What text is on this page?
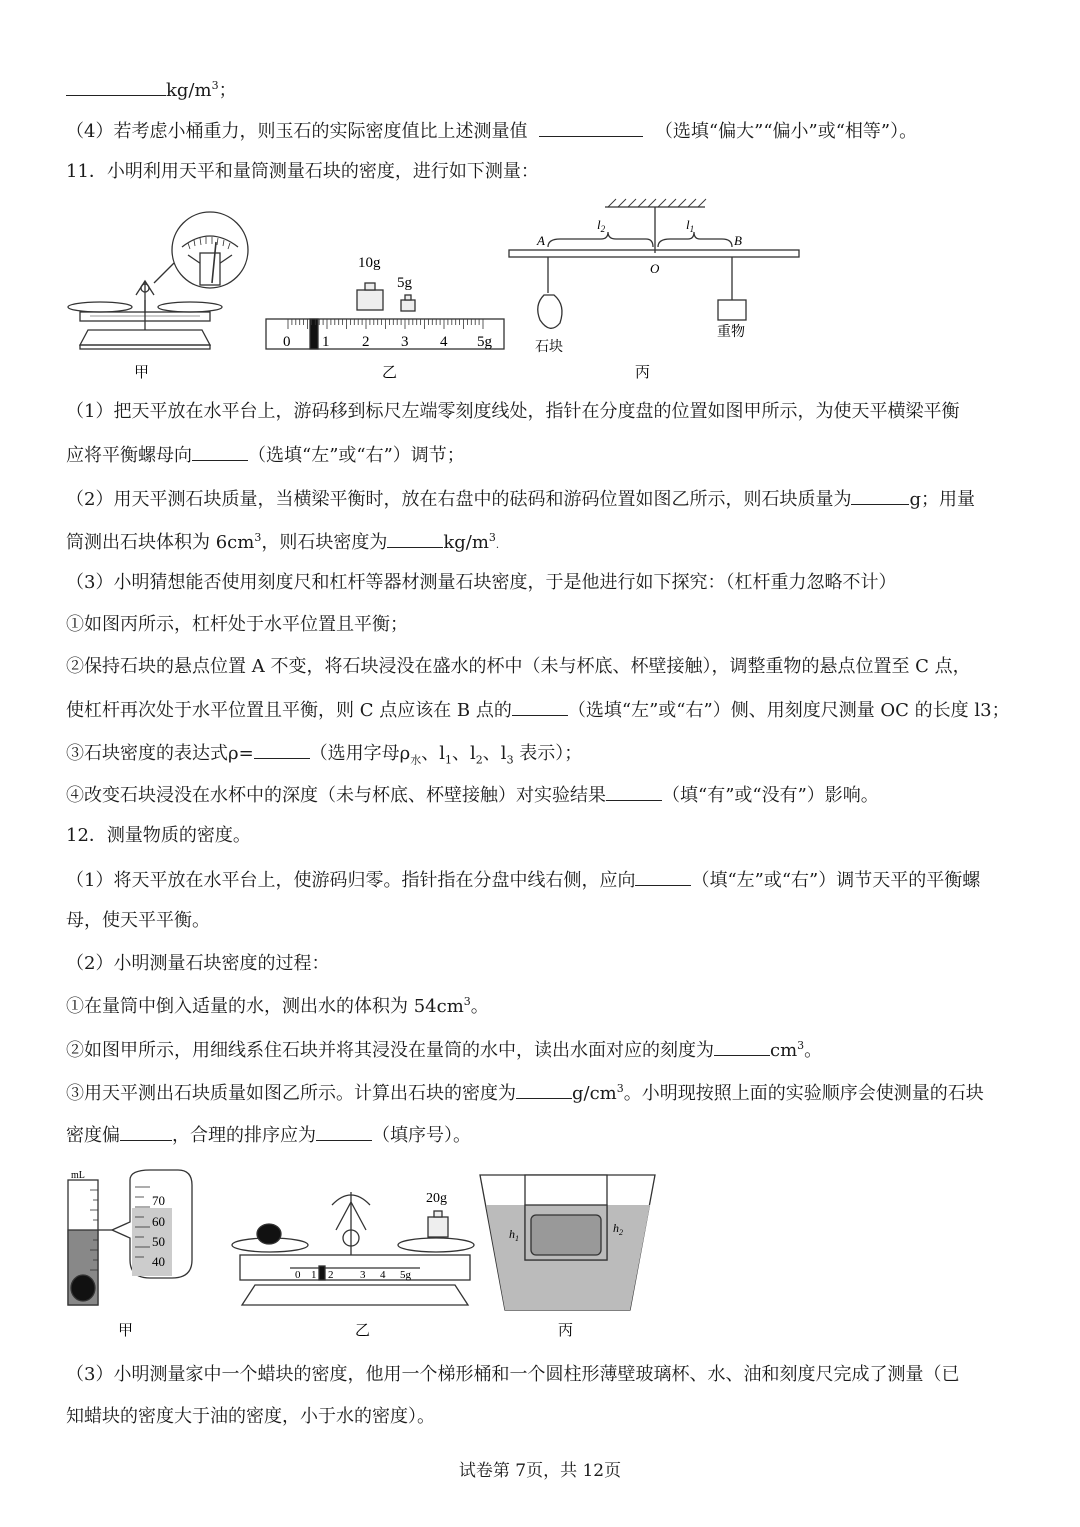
$kg/m^3$；
（4）若考虑小桶重力，则玉石的实际密度值比上述测量值	（选填“偏大”“偏小”或“相等”）。
11．小明利用天平和量筒测量石块的密度，进行如下测量：
甲
10g
5g
0 1 2 3 4 5g
乙
A	B
O
$l_2$	$l_1$
石块
重物
丙
（1）把天平放在水平台上，游码移到标尺左端零刻度线处，指针在分度盘的位置如图甲所示，为使天平横梁平衡
应将平衡螺母向	（选填“左”或“右”）调节；
（2）用天平测石块质量，当横梁平衡时，放在右盘中的砝码和游码位置如图乙所示，则石块质量为	g；用量
筒测出石块体积为 $6cm^3$，则石块密度为	$kg/m^3$.
（3）小明猜想能否使用刻度尺和杠杆等器材测量石块密度，于是他进行如下探究：（杠杆重力忽略不计）
①如图丙所示，杠杆处于水平位置且平衡；
②保持石块的悬点位置 A 不变，将石块浸没在盛水的杯中（未与杯底、杯壁接触），调整重物的悬点位置至 C 点，
使杠杆再次处于水平位置且平衡，则 C 点应该在 B 点的	（选填“左”或“右”）侧、用刻度尺测量 OC 的长度 l3；
③石块密度的表达式ρ=	（选用字母$\rho_水$、$l_1$、$l_2$、$l_3$ 表示）；
④改变石块浸没在水杯中的深度（未与杯底、杯壁接触）对实验结果	（填“有”或“没有”）影响。
12．测量物质的密度。
（1）将天平放在水平台上，使游码归零。指针指在分盘中线右侧，应向	（填“左”或“右”）调节天平的平衡螺
母，使天平平衡。
（2）小明测量石块密度的过程：
①在量筒中倒入适量的水，测出水的体积为 $54cm^3$。
②如图甲所示，用细线系住石块并将其浸没在量筒的水中，读出水面对应的刻度为	$cm^3$。
③用天平测出石块质量如图乙所示。计算出石块的密度为	$g/cm^3$。小明现按照上面的实验顺序会使测量的石块
密度偏	，合理的排序应为	（填序号）。
mL
70
60
50
40
甲
20g
0 1 2 3 4 5g
乙
$h_1$
$h_2$
丙
（3）小明测量家中一个蜡块的密度，他用一个梯形桶和一个圆柱形薄壁玻璃杯、水、油和刻度尺完成了测量（已
知蜡块的密度大于油的密度，小于水的密度）。
试卷第 7页，共 12页
